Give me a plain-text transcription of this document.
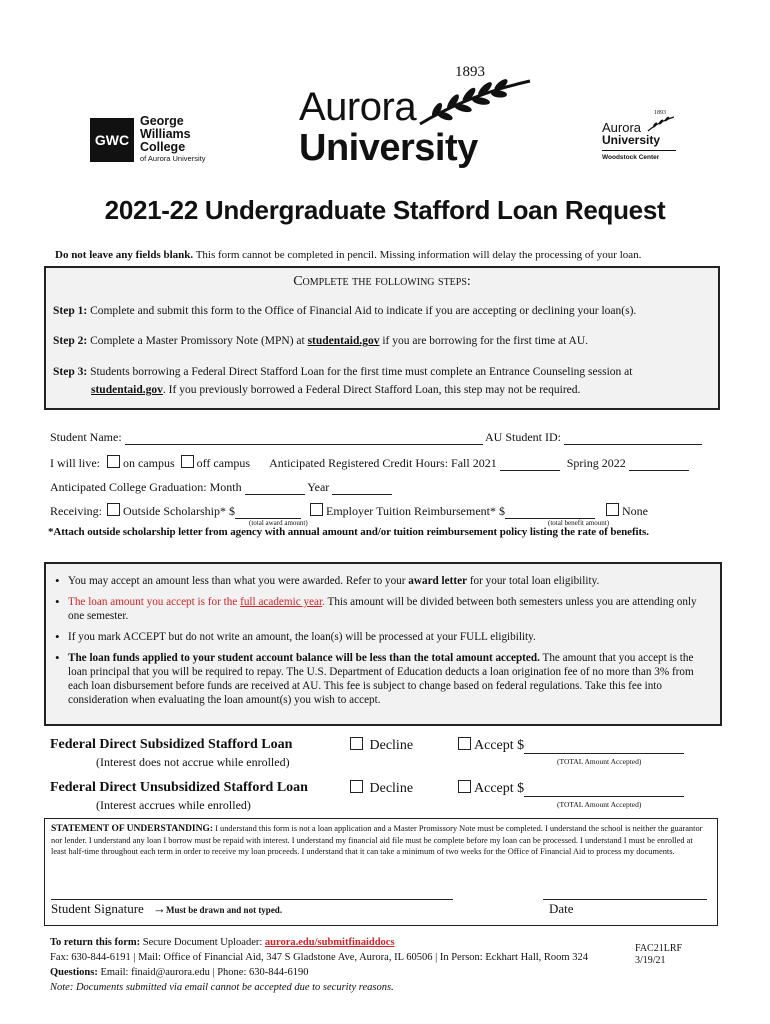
GWC
George
Williams
College
of Aurora University
1893
Aurora
University
1893
Aurora
University
Woodstock Center
2021-22 Undergraduate Stafford Loan Request
Do not leave any fields blank. This form cannot be completed in pencil. Missing information will delay the processing of your loan.
Complete the following steps:
Step 1: Complete and submit this form to the Office of Financial Aid to indicate if you are accepting or declining your loan(s).
Step 2: Complete a Master Promissory Note (MPN) at studentaid.gov if you are borrowing for the first time at AU.
Step 3: Students borrowing a Federal Direct Stafford Loan for the first time must complete an Entrance Counseling session at
studentaid.gov. If you previously borrowed a Federal Direct Stafford Loan, this step may not be required.
Student Name:	AU Student ID:
I will live: on campus off campus Anticipated Registered Credit Hours: Fall 2021	Spring 2022
Anticipated College Graduation: Month	Year
Receiving: Outside Scholarship* $	Employer Tuition Reimbursement* $	None
(total award amount)	(total benefit amount)
*Attach outside scholarship letter from agency with annual amount and/or tuition reimbursement policy listing the rate of benefits.
• You may accept an amount less than what you were awarded. Refer to your award letter for your total loan eligibility.
• The loan amount you accept is for the full academic year. This amount will be divided between both semesters unless you are attending only one semester.
• If you mark ACCEPT but do not write an amount, the loan(s) will be processed at your FULL eligibility.
• The loan funds applied to your student account balance will be less than the total amount accepted. The amount that you accept is the loan principal that you will be required to repay. The U.S. Department of Education deducts a loan origination fee of no more than 3% from each loan disbursement before funds are received at AU. This fee is subject to change based on federal regulations. Take this fee into consideration when evaluating the loan amount(s) you wish to accept.
Federal Direct Subsidized Stafford Loan
(Interest does not accrue while enrolled)
Decline	Accept $
(TOTAL Amount Accepted)
Federal Direct Unsubsidized Stafford Loan
(Interest accrues while enrolled)
Decline	Accept $
(TOTAL Amount Accepted)
STATEMENT OF UNDERSTANDING: I understand this form is not a loan application and a Master Promissory Note must be completed. I understand the school is neither the guarantor nor lender. I understand any loan I borrow must be repaid with interest. I understand my financial aid file must be complete before my loan can be processed. I understand I must be enrolled at least half-time throughout each term in order to receive my loan proceeds. I understand that it can take a minimum of two weeks for the Office of Financial Aid to process my documents.
Student Signature →Must be drawn and not typed.	Date
To return this form: Secure Document Uploader: aurora.edu/submitfinaiddocs
Fax: 630-844-6191 | Mail: Office of Financial Aid, 347 S Gladstone Ave, Aurora, IL 60506 | In Person: Eckhart Hall, Room 324
Questions: Email: finaid@aurora.edu | Phone: 630-844-6190
Note: Documents submitted via email cannot be accepted due to security reasons.
FAC21LRF
3/19/21
